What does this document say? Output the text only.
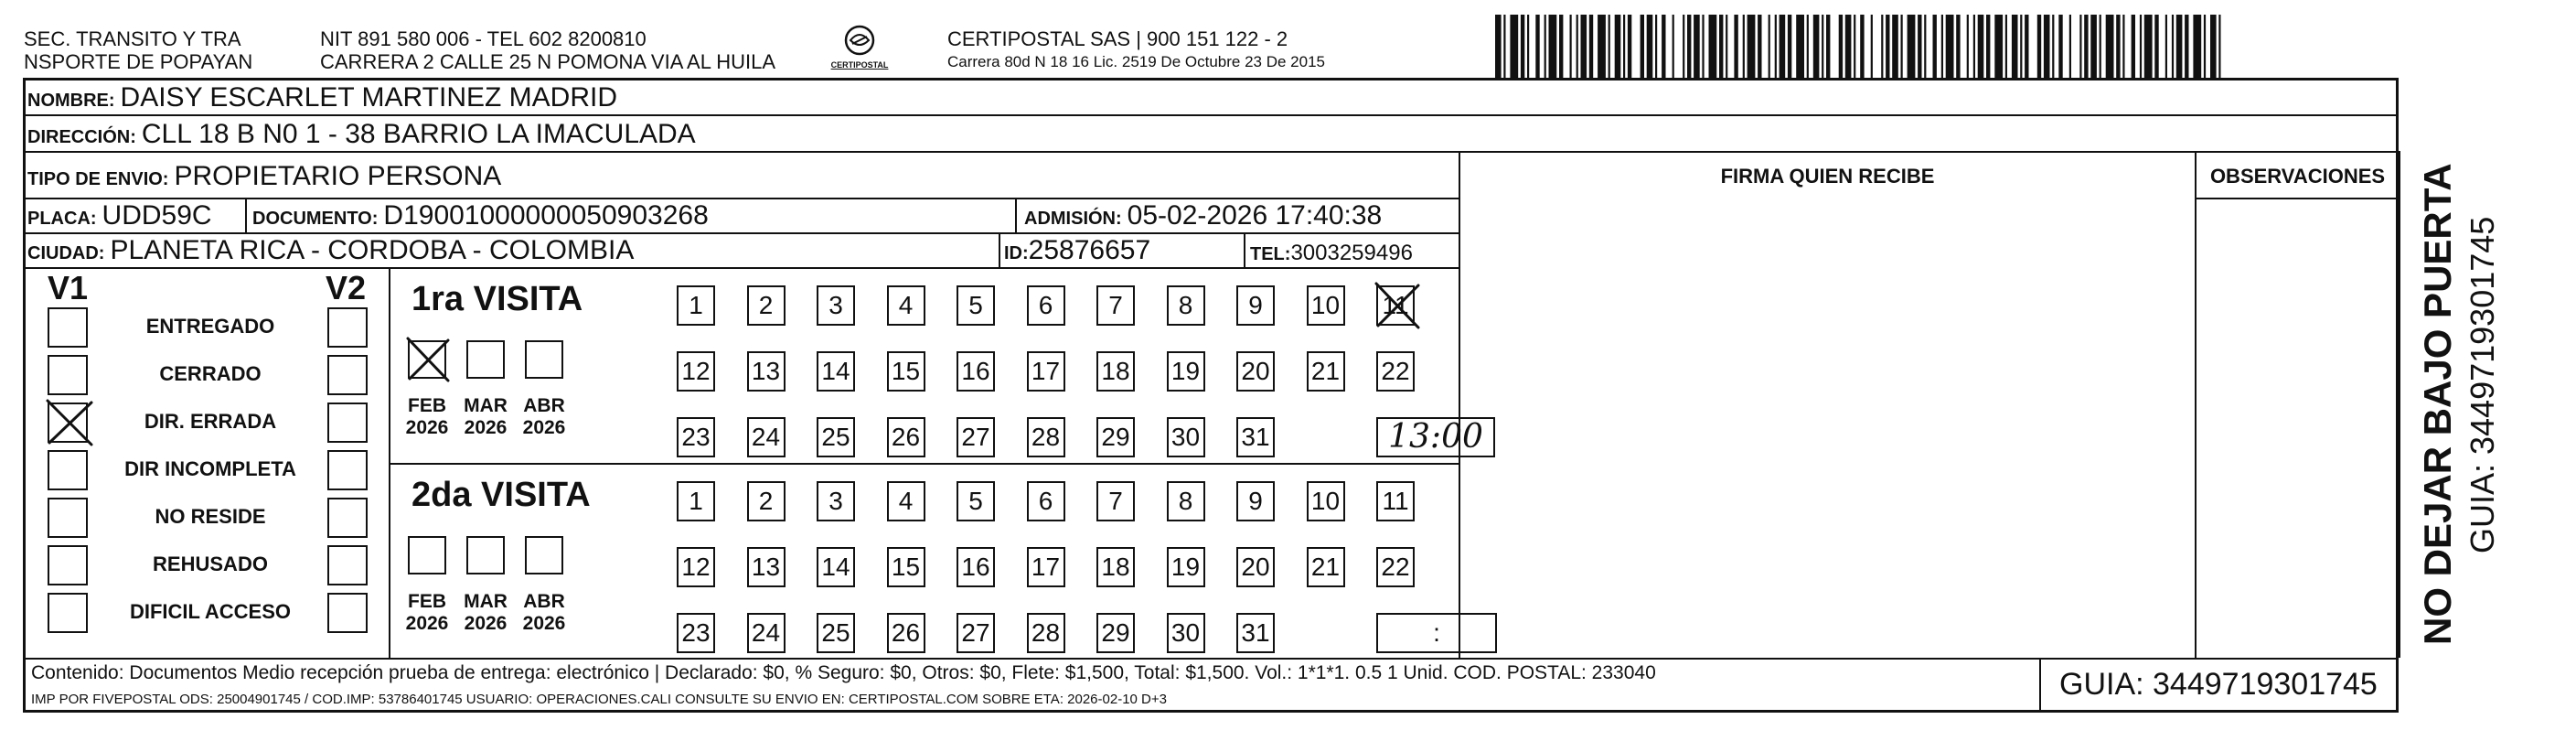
SEC. TRANSITO Y TRA
NSPORTE DE POPAYAN
NIT 891 580 006 - TEL 602 8200810
CARRERA 2 CALLE 25 N POMONA VIA AL HUILA	CERTIPOSTAL
CERTIPOSTAL SAS | 900 151 122 - 2
Carrera 80d N 18 16 Lic. 2519 De Octubre 23 De 2015
NOMBRE: DAISY ESCARLET MARTINEZ MADRID
DIRECCIÓN: CLL 18 B N0 1 - 38 BARRIO LA IMACULADA
TIPO DE ENVIO: PROPIETARIO PERSONA	FIRMA QUIEN RECIBE	OBSERVACIONES
PLACA: UDD59C DOCUMENTO: D19001000000050903268	ADMISIÓN: 05-02-2026 17:40:38
CIUDAD: PLANETA RICA - CORDOBA - COLOMBIA	ID:25876657	TEL:3003259496
V1	V2
ENTREGADO
CERRADO
DIR. ERRADA
DIR INCOMPLETA
NO RESIDE
REHUSADO
DIFICIL ACCESO
1ra VISITA
FEB
2026
MAR
2026
ABR
2026
1	2	3	4	5	6	7	8	9	10 11
12 13 14 15 16 17 18 19 20 21 22
23 24 25 26 27 28 29 30 31	13:00
2da VISITA
FEB
2026
MAR
2026
ABR
2026
1	2	3	4	5	6	7	8	9	10 11
12 13 14 15 16 17 18 19 20 21 22
23 24 25 26 27 28 29 30 31	:	NO DEJAR BAJO PUERTA GUIA: 3449719301745
Contenido: Documentos Medio recepción prueba de entrega: electrónico | Declarado: $0, % Seguro: $0, Otros: $0, Flete: $1,500, Total: $1,500. Vol.: 1*1*1. 0.5 1 Unid. COD. POSTAL: 233040
IMP POR FIVEPOSTAL ODS: 25004901745 / COD.IMP: 53786401745 USUARIO: OPERACIONES.CALI CONSULTE SU ENVIO EN: CERTIPOSTAL.COM SOBRE ETA: 2026-02-10 D+3	GUIA: 3449719301745
